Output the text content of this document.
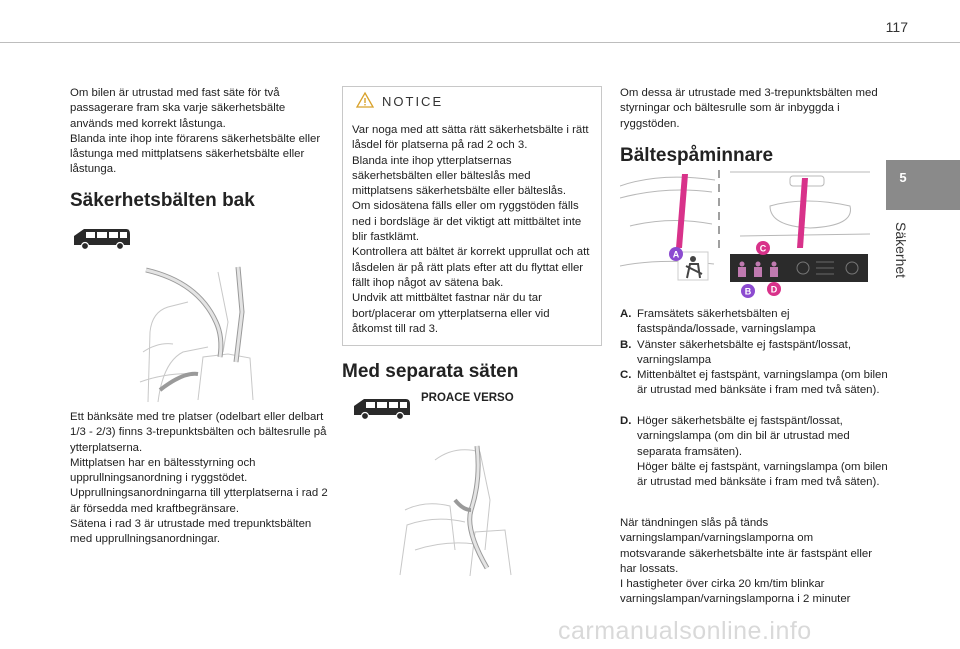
117
5
Säkerhet
Om bilen är utrustad med fast säte för två passagerare fram ska varje säkerhetsbälte används med korrekt låstunga.
Blanda inte ihop inte förarens säkerhetsbälte eller låstunga med mittplatsens säkerhetsbälte eller låstunga.
Säkerhetsbälten bak
Ett bänksäte med tre platser (odelbart eller delbart 1/3 - 2/3) finns 3-trepunktsbälten och bältesrulle på ytterplatserna.
Mittplatsen har en bältesstyrning och upprullningsanordning i ryggstödet.
Upprullningsanordningarna till ytterplatserna i rad 2 är försedda med kraftbegränsare.
Sätena i rad 3 är utrustade med trepunktsbälten med upprullningsanordningar.
NOTICE
Var noga med att sätta rätt säkerhetsbälte i rätt låsdel för platserna på rad 2 och 3.
Blanda inte ihop ytterplatsernas säkerhetsbälten eller bälteslås med mittplatsens säkerhetsbälte eller bälteslås.
Om sidosätena fälls eller om ryggstöden fälls ned i bordsläge är det viktigt att mittbältet inte blir fastklämt.
Kontrollera att bältet är korrekt upprullat och att låsdelen är på rätt plats efter att du flyttat eller fällt ihop något av sätena bak.
Undvik att mittbältet fastnar när du tar bort/placerar om ytterplatserna eller vid åtkomst till rad 3.
Med separata säten
PROACE VERSO
Om dessa är utrustade med 3-trepunktsbälten med styrningar och bältesrulle som är inbyggda i ryggstöden.
Bältespåminnare
A
B
C
D
A. Framsätets säkerhetsbälten ej fastspända/lossade, varningslampa
B. Vänster säkerhetsbälte ej fastspänt/lossat, varningslampa
C. Mittenbältet ej fastspänt, varningslampa (om bilen är utrustad med bänksäte i fram med två säten).
D. Höger säkerhetsbälte ej fastspänt/lossat, varningslampa (om din bil är utrustad med separata framsäten).
Höger bälte ej fastspänt, varningslampa (om bilen är utrustad med bänksäte i fram med två säten).
När tändningen slås på tänds varningslampan/varningslamporna om motsvarande säkerhetsbälte inte är fastspänt eller har lossats.
I hastigheter över cirka 20 km/tim blinkar varningslampan/varningslamporna i 2 minuter
carmanualsonline.info
